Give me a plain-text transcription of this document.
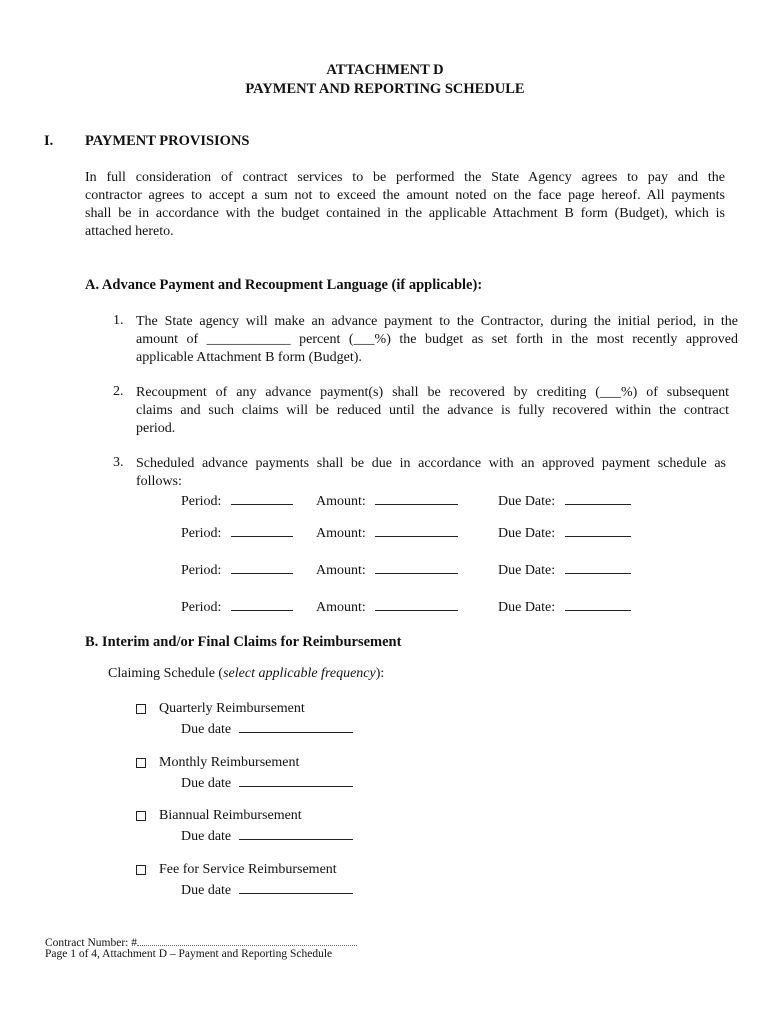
ATTACHMENT D
PAYMENT AND REPORTING SCHEDULE
I. PAYMENT PROVISIONS
In full consideration of contract services to be performed the State Agency agrees to pay and the
contractor agrees to accept a sum not to exceed the amount noted on the face page hereof. All payments
shall be in accordance with the budget contained in the applicable Attachment B form (Budget), which is
attached hereto.
A. Advance Payment and Recoupment Language (if applicable):
1. The State agency will make an advance payment to the Contractor, during the initial period, in the
amount of ____________ percent (___%) the budget as set forth in the most recently approved
applicable Attachment B form (Budget).
2. Recoupment of any advance payment(s) shall be recovered by crediting (___%) of subsequent
claims and such claims will be reduced until the advance is fully recovered within the contract
period.
3. Scheduled advance payments shall be due in accordance with an approved payment schedule as
follows:
Period:	Amount:	Due Date:
Period:	Amount:	Due Date:
Period:	Amount:	Due Date:
Period:	Amount:	Due Date:
B. Interim and/or Final Claims for Reimbursement
Claiming Schedule (select applicable frequency):
Quarterly Reimbursement
Due date
Monthly Reimbursement
Due date
Biannual Reimbursement
Due date
Fee for Service Reimbursement
Due date
Contract Number: #
Page 1 of 4, Attachment D – Payment and Reporting Schedule
